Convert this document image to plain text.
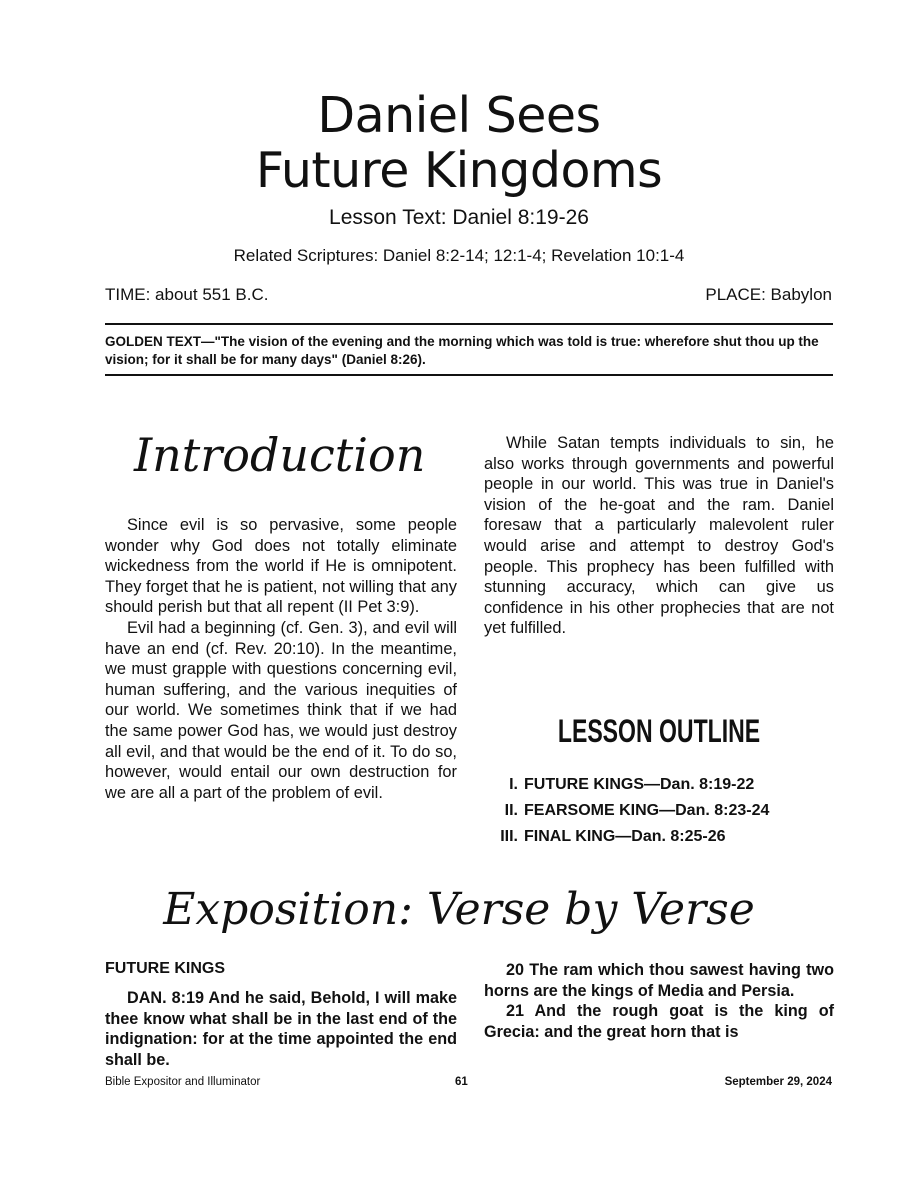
Daniel Sees
Future Kingdoms
Lesson Text: Daniel 8:19-26
Related Scriptures: Daniel 8:2-14; 12:1-4; Revelation 10:1-4
TIME: about 551 B.C.	PLACE: Babylon
GOLDEN TEXT—"The vision of the evening and the morning which was told is true: wherefore shut thou up the vision; for it shall be for many days" (Daniel 8:26).
Introduction

Since evil is so pervasive, some people wonder why God does not totally eliminate wickedness from the world if He is omnipotent. They forget that he is patient, not willing that any should perish but that all repent (II Pet 3:9).

Evil had a beginning (cf. Gen. 3), and evil will have an end (cf. Rev. 20:10). In the meantime, we must grapple with questions concerning evil, human suffering, and the various inequities of our world. We sometimes think that if we had the same power God has, we would just destroy all evil, and that would be the end of it. To do so, however, would entail our own destruction for we are all a part of the problem of evil.

While Satan tempts individuals to sin, he also works through governments and powerful people in our world. This was true in Daniel's vision of the he-goat and the ram. Daniel foresaw that a particularly malevolent ruler would arise and attempt to destroy God's people. This prophecy has been fulfilled with stunning accuracy, which can give us confidence in his other prophecies that are not yet fulfilled.

LESSON OUTLINE
I. FUTURE KINGS—Dan. 8:19-22
II. FEARSOME KING—Dan. 8:23-24
III. FINAL KING—Dan. 8:25-26
Exposition: Verse by Verse
FUTURE KINGS

DAN. 8:19 And he said, Behold, I will make thee know what shall be in the last end of the indignation: for at the time appointed the end shall be.

20 The ram which thou sawest having two horns are the kings of Media and Persia.

21 And the rough goat is the king of Grecia: and the great horn that is

Bible Expositor and Illuminator	61	September 29, 2024
